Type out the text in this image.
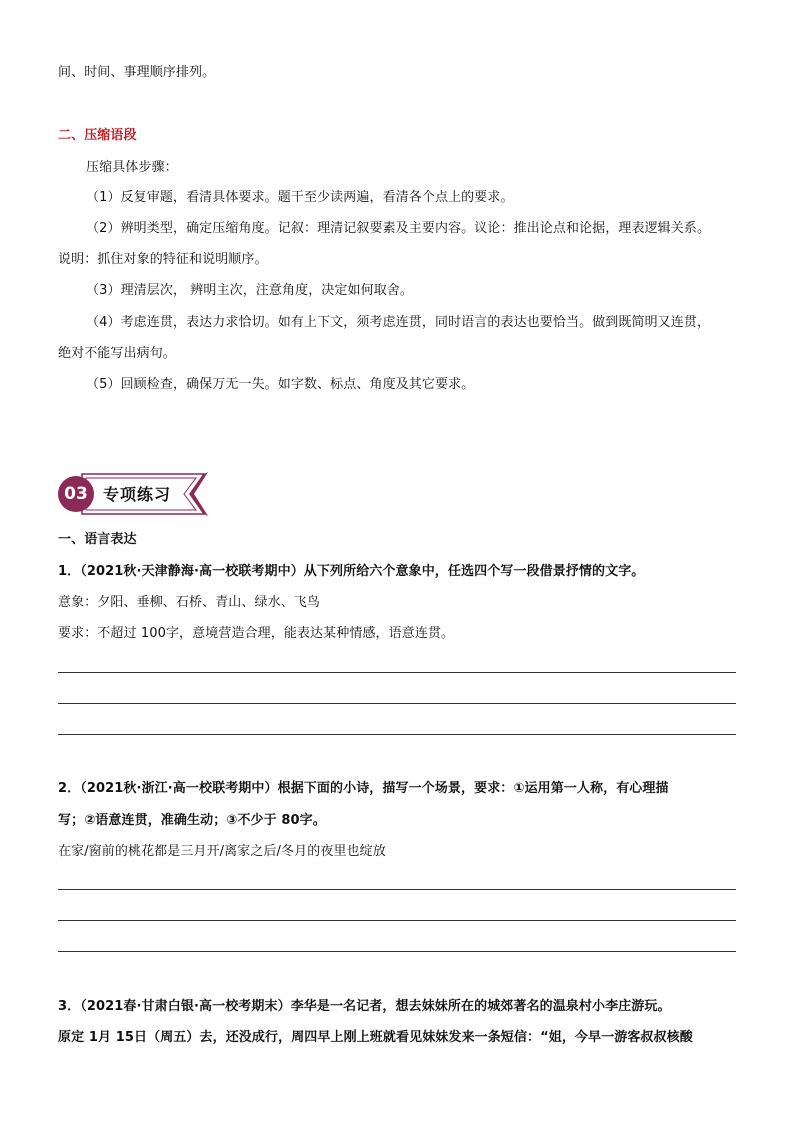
间、时间、事理顺序排列。
二、压缩语段
压缩具体步骤：
（1）反复审题，看清具体要求。题干至少读两遍，看清各个点上的要求。
（2）辨明类型，确定压缩角度。记叙：理清记叙要素及主要内容。议论：推出论点和论据，理表逻辑关系。
说明：抓住对象的特征和说明顺序。
（3）理清层次， 辨明主次，注意角度，决定如何取舍。
（4）考虑连贯，表达力求恰切。如有上下文，须考虑连贯，同时语言的表达也要恰当。做到既简明又连贯，
绝对不能写出病句。
（5）回顾检查，确保万无一失。如字数、标点、角度及其它要求。
03 专项练习
一、语言表达
1．（2021秋·天津静海·高一校联考期中）从下列所给六个意象中，任选四个写一段借景抒情的文字。
意象：夕阳、垂柳、石桥、青山、绿水、飞鸟
要求：不超过 100字，意境营造合理，能表达某种情感，语意连贯。
2．（2021秋·浙江·高一校联考期中）根据下面的小诗，描写一个场景，要求：①运用第一人称，有心理描
写；②语意连贯，准确生动；③不少于 80字。
在家/窗前的桃花都是三月开/离家之后/冬月的夜里也绽放
3．（2021春·甘肃白银·高一校考期末）李华是一名记者，想去妹妹所在的城郊著名的温泉村小李庄游玩。
原定 1月 15日（周五）去，还没成行，周四早上刚上班就看见妹妹发来一条短信：“姐，今早一游客叔叔核酸
